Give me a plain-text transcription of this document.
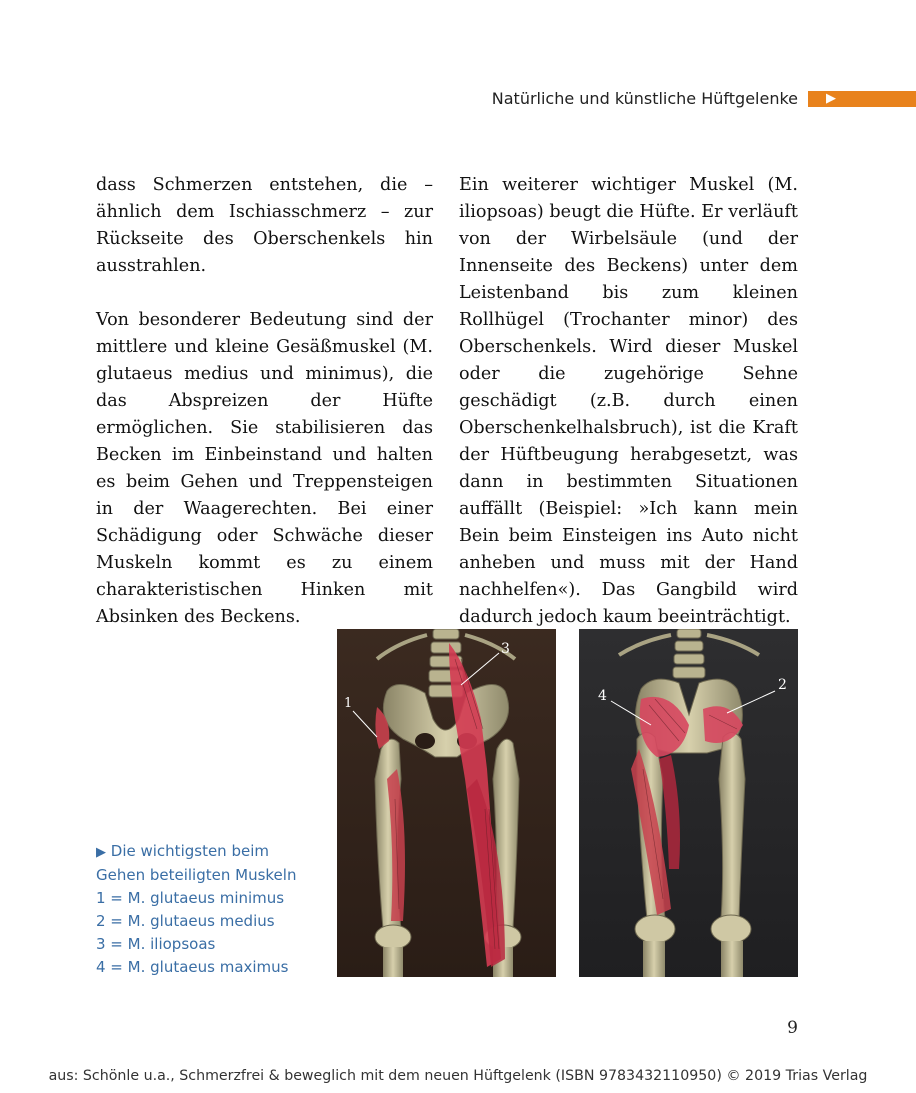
Natürliche und künstliche Hüftgelenke ▶

dass Schmerzen entstehen, die – ähnlich dem Ischiasschmerz – zur Rückseite des Oberschenkels hin ausstrahlen.

Von besonderer Bedeutung sind der mittlere und kleine Gesäßmuskel (M. glutaeus medius und minimus), die das Abspreizen der Hüfte ermöglichen. Sie stabilisieren das Becken im Einbeinstand und halten es beim Gehen und Treppensteigen in der Waagerechten. Bei einer Schädigung oder Schwäche dieser Muskeln kommt es zu einem charakteristischen Hinken mit Absinken des Beckens.

Ein weiterer wichtiger Muskel (M. iliopsoas) beugt die Hüfte. Er verläuft von der Wirbelsäule (und der Innenseite des Beckens) unter dem Leistenband bis zum kleinen Rollhügel (Trochanter minor) des Oberschenkels. Wird dieser Muskel oder die zugehörige Sehne geschädigt (z.B. durch einen Oberschenkelhalsbruch), ist die Kraft der Hüftbeugung herabgesetzt, was dann in bestimmten Situationen auffällt (Beispiel: »Ich kann mein Bein beim Einsteigen ins Auto nicht anheben und muss mit der Hand nachhelfen«). Das Gangbild wird dadurch jedoch kaum beeinträchtigt.

3
1	4
2
▶ Die wichtigsten beim
Gehen beteiligten Muskeln
1 = M. glutaeus minimus
2 = M. glutaeus medius
3 = M. iliopsoas
4 = M. glutaeus maximus
9
aus: Schönle u.a., Schmerzfrei & beweglich mit dem neuen Hüftgelenk (ISBN 9783432110950) © 2019 Trias Verlag
